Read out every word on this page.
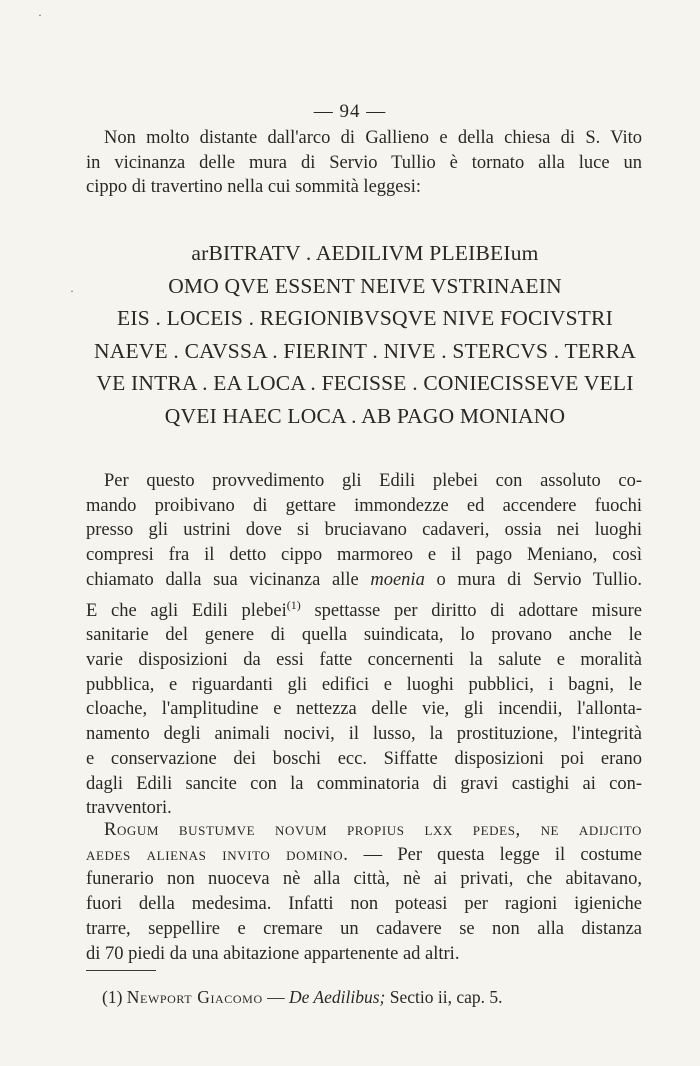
·
·
— 94 —
Non molto distante dall'arco di Gallieno e della chiesa di S. Vito
in vicinanza delle mura di Servio Tullio è tornato alla luce un
cippo di travertino nella cui sommità leggesi:
arBITRATV . AEDILIVM PLEIBEIum
OMO QVE ESSENT NEIVE VSTRINAEIN
EIS . LOCEIS . REGIONIBVSQVE NIVE FOCIVSTRI
NAEVE . CAVSSA . FIERINT . NIVE . STERCVS . TERRA
VE INTRA . EA LOCA . FECISSE . CONIECISSEVE VELI
QVEI HAEC LOCA . AB PAGO MONIANO
Per questo provvedimento gli Edili plebei con assoluto co-
mando proibivano di gettare immondezze ed accendere fuochi
presso gli ustrini dove si bruciavano cadaveri, ossia nei luoghi
compresi fra il detto cippo marmoreo e il pago Meniano, così
chiamato dalla sua vicinanza alle moenia o mura di Servio Tullio.
E che agli Edili plebei$^{(1)}$ spettasse per diritto di adottare misure
sanitarie del genere di quella suindicata, lo provano anche le
varie disposizioni da essi fatte concernenti la salute e moralità
pubblica, e riguardanti gli edifici e luoghi pubblici, i bagni, le
cloache, l'amplitudine e nettezza delle vie, gli incendii, l'allonta-
namento degli animali nocivi, il lusso, la prostituzione, l'integrità
e conservazione dei boschi ecc. Siffatte disposizioni poi erano
dagli Edili sancite con la comminatoria di gravi castighi ai con-
travventori.
Rogum bustumve novum propius lxx pedes, ne adijcito
aedes alienas invito domino. — Per questa legge il costume
funerario non nuoceva nè alla città, nè ai privati, che abitavano,
fuori della medesima. Infatti non poteasi per ragioni igieniche
trarre, seppellire e cremare un cadavere se non alla distanza
di 70 piedi da una abitazione appartenente ad altri.
(1) Newport Giacomo — De Aedilibus; Sectio ii, cap. 5.
